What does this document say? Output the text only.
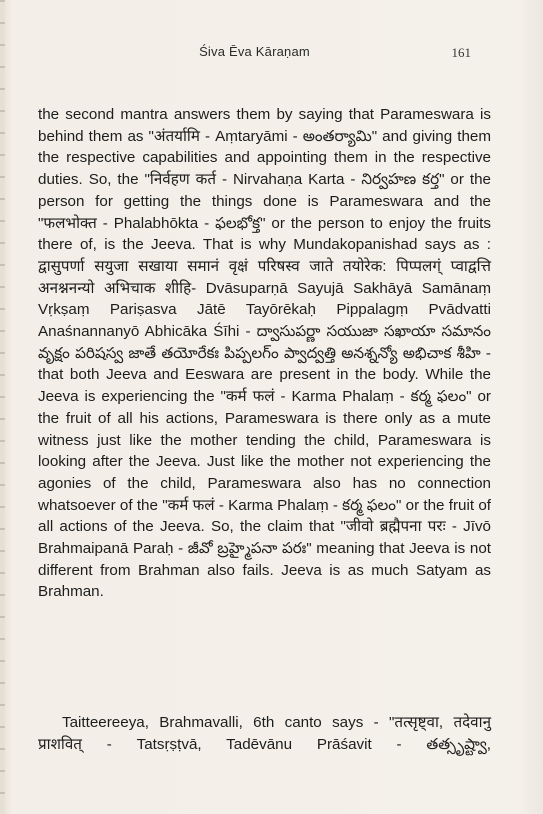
Śiva Ēva Kāraṇam	161

the second mantra answers them by saying that Parameswara is behind them as "अंतर्यामि - Aṃtaryāmi - అంతర్యామి" and giving them the respective capabilities and appointing them in the respective duties. So, the "निर्वहण कर्त - Nirvahaṇa Karta - నిర్వహణ కర్త" or the person for getting the things done is Parameswara and the "फलभोक्त - Phalabhōkta - ఫలభోక్త" or the person to enjoy the fruits there of, is the Jeeva. That is why Mundakopanishad says as : द्वासुपर्णा सयुजा सखाया समानं वृक्षं परिषस्व जाते तयोरेक: पिप्पलग्ं प्वाद्वत्ति अनश्ननन्यो अभिचाक शीहि- Dvāsuparṇā Sayujā Sakhāyā Samānaṃ Vṛkṣaṃ Pariṣasva Jātē Tayōrēkaḥ Pippalagṃ Pvādvatti Anaśnannanyō Abhicāka Śīhi - ద్వాసుపర్ణా సయుజా సఖాయా సమానం వృక్షం పరిషస్వ జాతే తయోరేకః పిప్పలగ్ం ప్వాద్వత్తి అనశ్నన్యో అభిచాక శీహి - that both Jeeva and Eeswara are present in the body. While the Jeeva is experiencing the "कर्म फलं - Karma Phalaṃ - కర్మ ఫలం" or the fruit of all his actions, Parameswara is there only as a mute witness just like the mother tending the child, Parameswara is looking after the Jeeva. Just like the mother not experiencing the agonies of the child, Parameswara also has no connection whatsoever of the "कर्म फलं - Karma Phalaṃ - కర్మ ఫలం" or the fruit of all actions of the Jeeva. So, the claim that "जीवो ब्रह्मैपना परः - Jīvō Brahmaipanā Paraḥ - జీవో బ్రహ్మైపనా పరః" meaning that Jeeva is not different from Brahman also fails. Jeeva is as much Satyam as Brahman.

Taitteereeya, Brahmavalli, 6th canto says - "तत्सृष्ट्वा, तदेवानु प्राशवित् - Tatsṛṣṭvā, Tadēvānu Prāśavit - తత్సృష్ట్వా,
